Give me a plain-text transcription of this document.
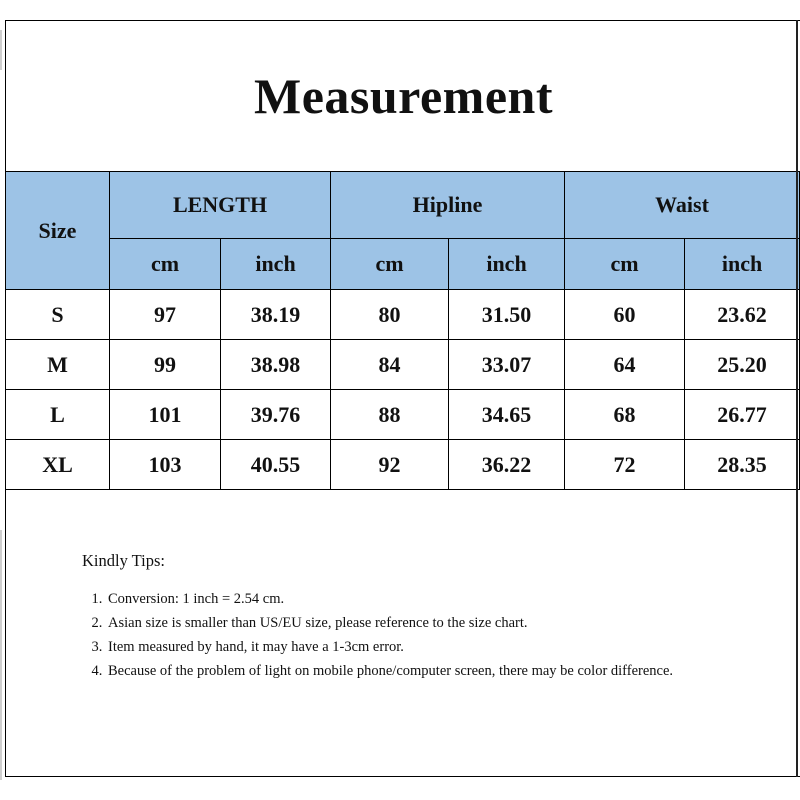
Measurement
Size	LENGTH		Hipline		Waist		
	cm	inch	cm	inch	cm	inch	
S	97	38.19	80	31.50	60	23.62	
M	99	38.98	84	33.07	64	25.20	
L	101	39.76	88	34.65	68	26.77	
XL	103	40.55	92	36.22	72	28.35	
Kindly Tips:
1. Conversion: 1 inch = 2.54 cm.
2. Asian size is smaller than US/EU size, please reference to the size chart.
3. Item measured by hand, it may have a 1-3cm error.
4. Because of the problem of light on mobile phone/computer screen, there may be color difference.
